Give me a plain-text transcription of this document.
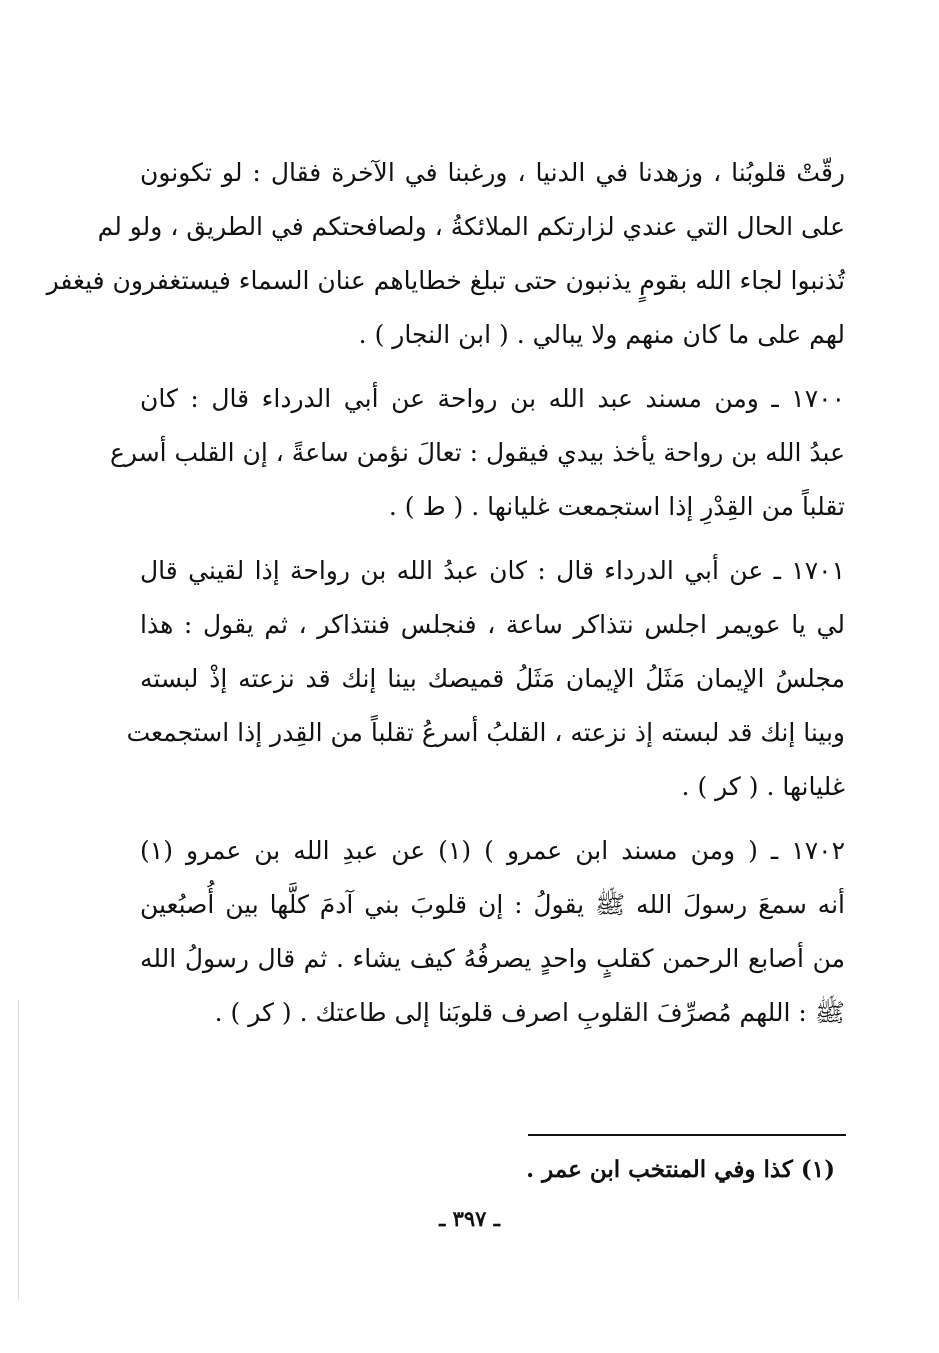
رقّتْ قلوبُنا ، وزهدنا في الدنيا ، ورغبنا في الآخرة فقال : لو تكونون
على الحال التي عندي لزارتكم الملائكةُ ، ولصافحتكم في الطريق ، ولو لم
تُذنبوا لجاء الله بقومٍ يذنبون حتى تبلغ خطاياهم عنان السماء فيستغفرون فيغفر
لهم على ما كان منهم ولا يبالي . ( ابن النجار ) .
١٧٠٠ ـ ومن مسند عبد الله بن رواحة عن أبي الدرداء قال : كان
عبدُ الله بن رواحة يأخذ بيدي فيقول : تعالَ نؤمن ساعةً ، إن القلب أسرع
تقلباً من القِدْرِ إذا استجمعت غليانها . ( ط ) .
١٧٠١ ـ عن أبي الدرداء قال : كان عبدُ الله بن رواحة إذا لقيني قال
لي يا عويمر اجلس نتذاكر ساعة ، فنجلس فنتذاكر ، ثم يقول : هذا
مجلسُ الإيمان مَثَلُ الإيمان مَثَلُ قميصك بينا إنك قد نزعته إذْ لبسته
وبينا إنك قد لبسته إذ نزعته ، القلبُ أسرعُ تقلباً من القِدر إذا استجمعت
غليانها . ( كر ) .
١٧٠٢ ـ ( ومن مسند ابن عمرو ) (١) عن عبدِ الله بن عمرو (١)
أنه سمعَ رسولَ الله ﷺ يقولُ : إن قلوبَ بني آدمَ كلَّها بين أُصبُعين
من أصابع الرحمن كقلبٍ واحدٍ يصرفُهُ كيف يشاء . ثم قال رسولُ الله
ﷺ : اللهم مُصرِّفَ القلوبِ اصرف قلوبَنا إلى طاعتك . ( كر ) .
(١) كذا وفي المنتخب ابن عمر .
ـ ٣٩٧ ـ
